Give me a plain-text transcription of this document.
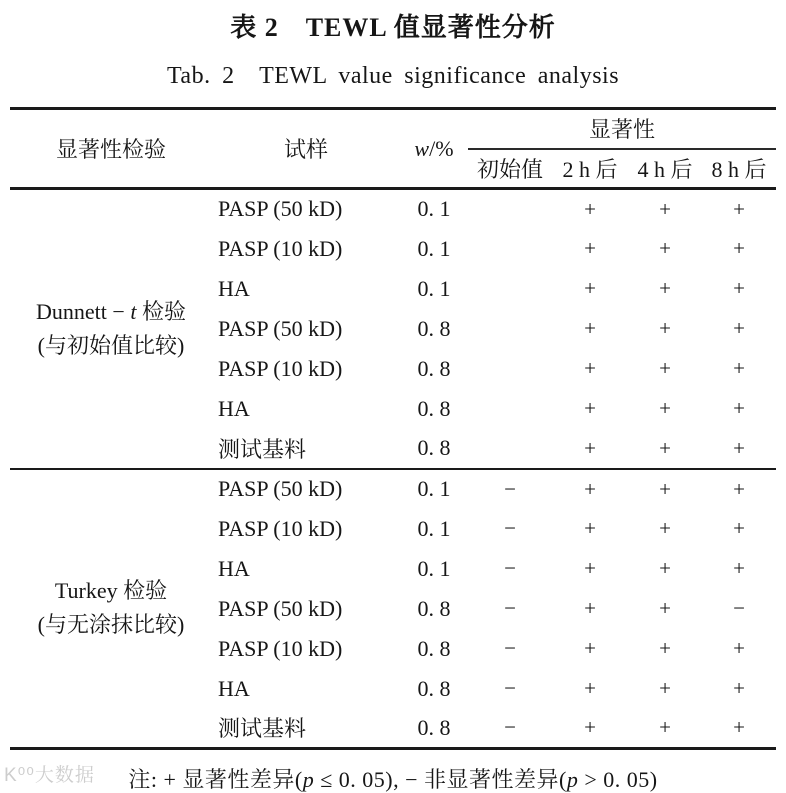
表 2　TEWL 值显著性分析
Tab. 2　TEWL value significance analysis
显著性检验	试样	w/%	显著性			
			初始值	2 h 后	4 h 后	8 h 后

Dunnett − t 检验
(与初始值比较)	PASP (50 kD)	0. 1		+	+	+
	PASP (10 kD)	0. 1		+	+	+
	HA	0. 1		+	+	+
	PASP (50 kD)	0. 8		+	+	+
	PASP (10 kD)	0. 8		+	+	+
	HA	0. 8		+	+	+
	测试基料	0. 8		+	+	+

Turkey 检验
(与无涂抹比较)	PASP (50 kD)	0. 1	−	+	+	+
	PASP (10 kD)	0. 1	−	+	+	+
	HA	0. 1	−	+	+	+
	PASP (50 kD)	0. 8	−	+	+	−
	PASP (10 kD)	0. 8	−	+	+	+
	HA	0. 8	−	+	+	+
	测试基料	0. 8	−	+	+	+
注: + 显著性差异(p ≤ 0. 05), − 非显著性差异(p > 0. 05)
K⁰⁰大数据
